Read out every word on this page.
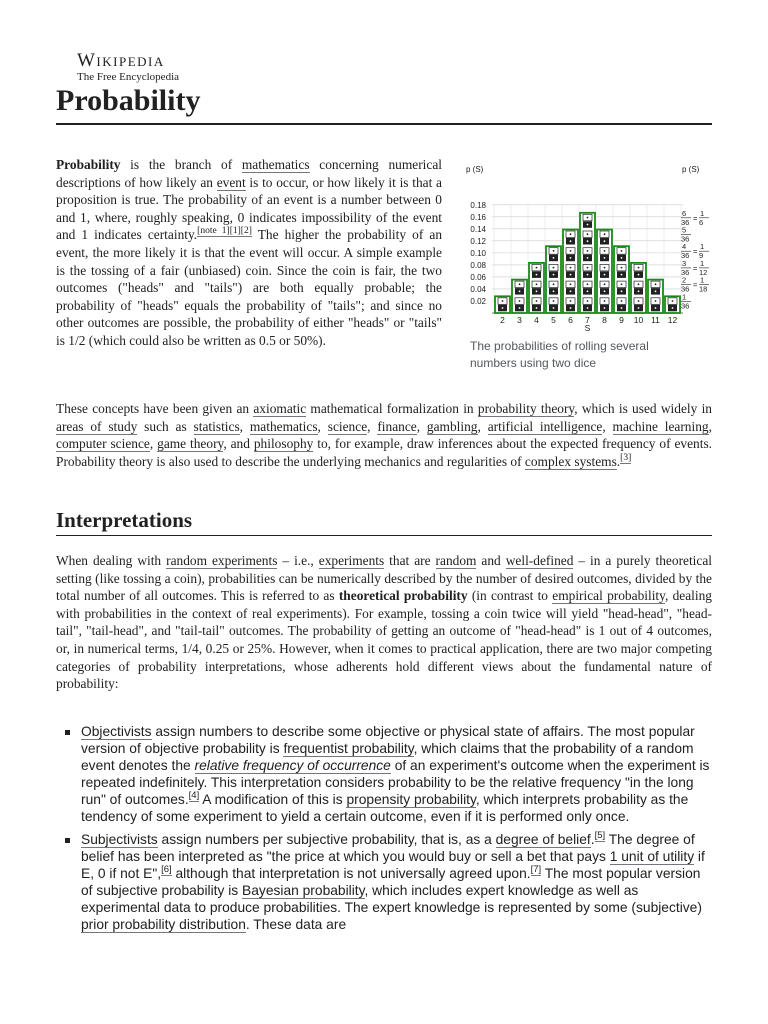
Wikipedia
The Free Encyclopedia
Probability

Probability is the branch of mathematics concerning numerical descriptions of how likely an event is to occur, or how likely it is that a proposition is true. The probability of an event is a number between 0 and 1, where, roughly speaking, 0 indicates impossibility of the event and 1 indicates certainty.[note 1][1][2] The higher the probability of an event, the more likely it is that the event will occur. A simple example is the tossing of a fair (unbiased) coin. Since the coin is fair, the two outcomes ("heads" and "tails") are both equally probable; the probability of "heads" equals the probability of "tails"; and since no other outcomes are possible, the probability of either "heads" or "tails" is 1/2 (which could also be written as 0.5 or 50%).

p (S)	p (S)
0.02
0.04
0.06
0.08
0.10
0.12
0.14
0.16
0.18
2 3 4 5 6 7 8 9 10 11 12
S
6
36 =
1
6
5
36
4
36 =
1
9
3
36 =
1
12
2
36 =
1
18
1
36

The probabilities of rolling several numbers using two dice

These concepts have been given an axiomatic mathematical formalization in probability theory, which is used widely in areas of study such as statistics, mathematics, science, finance, gambling, artificial intelligence, machine learning, computer science, game theory, and philosophy to, for example, draw inferences about the expected frequency of events. Probability theory is also used to describe the underlying mechanics and regularities of complex systems.[3]

Interpretations

When dealing with random experiments – i.e., experiments that are random and well-defined – in a purely theoretical setting (like tossing a coin), probabilities can be numerically described by the number of desired outcomes, divided by the total number of all outcomes. This is referred to as theoretical probability (in contrast to empirical probability, dealing with probabilities in the context of real experiments). For example, tossing a coin twice will yield "head-head", "head-tail", "tail-head", and "tail-tail" outcomes. The probability of getting an outcome of "head-head" is 1 out of 4 outcomes, or, in numerical terms, 1/4, 0.25 or 25%. However, when it comes to practical application, there are two major competing categories of probability interpretations, whose adherents hold different views about the fundamental nature of probability:

Objectivists assign numbers to describe some objective or physical state of affairs. The most popular version of objective probability is frequentist probability, which claims that the probability of a random event denotes the relative frequency of occurrence of an experiment's outcome when the experiment is repeated indefinitely. This interpretation considers probability to be the relative frequency "in the long run" of outcomes.[4] A modification of this is propensity probability, which interprets probability as the tendency of some experiment to yield a certain outcome, even if it is performed only once.
Subjectivists assign numbers per subjective probability, that is, as a degree of belief.[5] The degree of belief has been interpreted as "the price at which you would buy or sell a bet that pays 1 unit of utility if E, 0 if not E",[6] although that interpretation is not universally agreed upon.[7] The most popular version of subjective probability is Bayesian probability, which includes expert knowledge as well as experimental data to produce probabilities. The expert knowledge is represented by some (subjective) prior probability distribution. These data are
